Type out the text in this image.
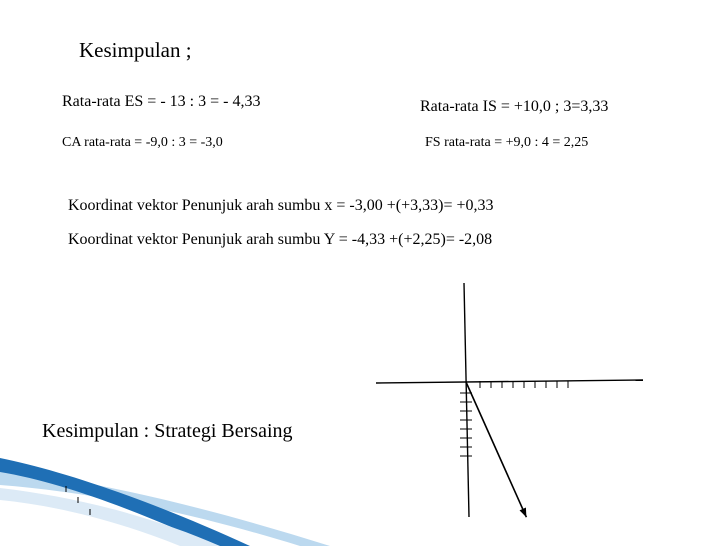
Kesimpulan ;
Rata-rata ES = - 13 : 3 = - 4,33	Rata-rata IS = +10,0 ; 3=3,33
CA rata-rata = -9,0 : 3 = -3,0	FS rata-rata = +9,0 : 4 = 2,25
Koordinat vektor Penunjuk arah sumbu x = -3,00 +(+3,33)= +0,33
Koordinat vektor Penunjuk arah sumbu Y = -4,33 +(+2,25)= -2,08
Kesimpulan : Strategi Bersaing
